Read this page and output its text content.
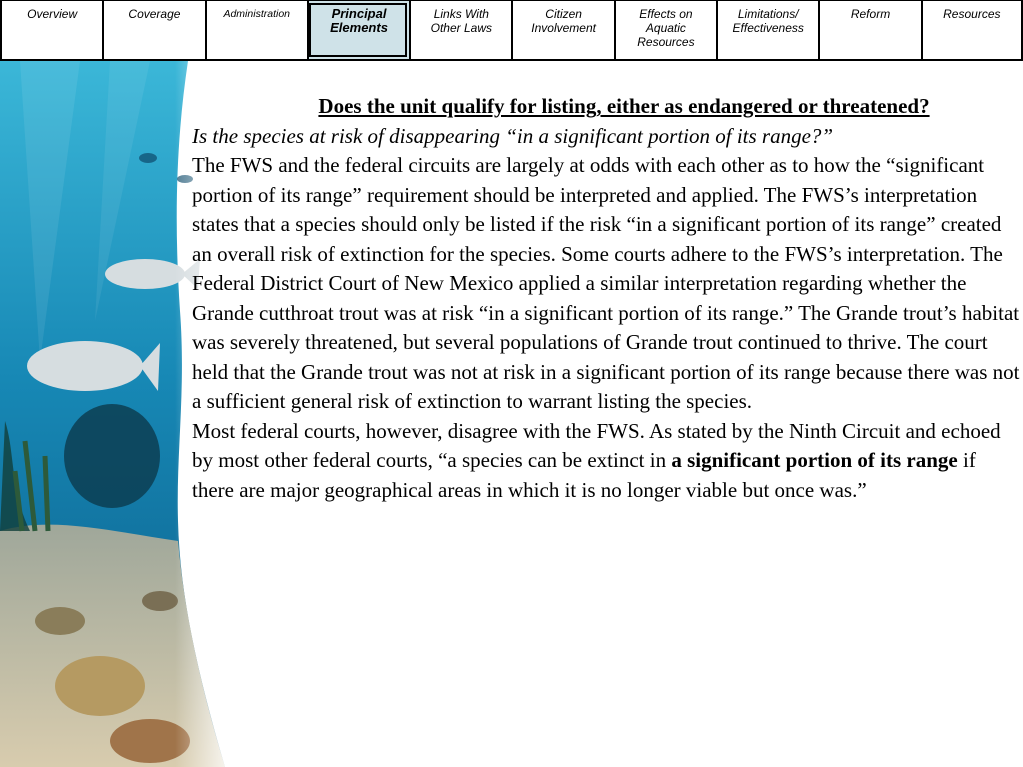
Overview	Coverage	Administration	Principal Elements
Links With Other Laws
Citizen Involvement
Effects on Aquatic Resources
Limitations/ Effectiveness
Reform	Resources

Does the unit qualify for listing, either as endangered or threatened?

Is the species at risk of disappearing “in a significant portion of its range?”

The FWS and the federal circuits are largely at odds with each other as to how the “significant portion of its range” requirement should be interpreted and applied. The FWS’s interpretation states that a species should only be listed if the risk “in a significant portion of its range” created an overall risk of extinction for the species. Some courts adhere to the FWS’s interpretation. The Federal District Court of New Mexico applied a similar interpretation regarding whether the Grande cutthroat trout was at risk “in a significant portion of its range.” The Grande trout’s habitat was severely threatened, but several populations of Grande trout continued to thrive. The court held that the Grande trout was not at risk in a significant portion of its range because there was not a sufficient general risk of extinction to warrant listing the species.

Most federal courts, however, disagree with the FWS. As stated by the Ninth Circuit and echoed by most other federal courts, “a species can be extinct in a significant portion of its range if there are major geographical areas in which it is no longer viable but once was.”
